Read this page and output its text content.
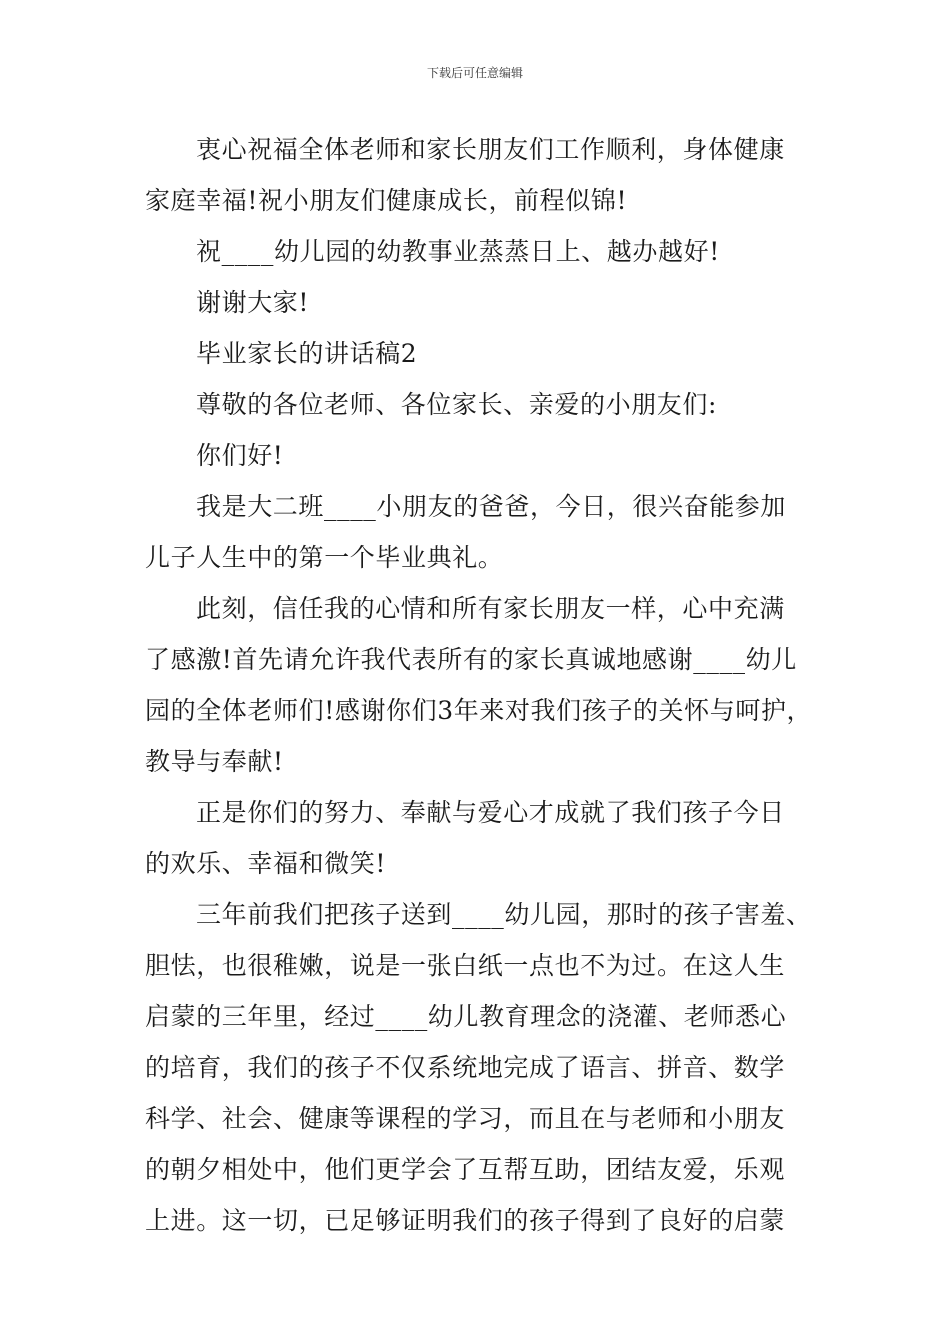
下载后可任意编辑

衷心祝福全体老师和家长朋友们工作顺利，身体健康
家庭幸福!祝小朋友们健康成长，前程似锦!

祝____幼儿园的幼教事业蒸蒸日上、越办越好!

谢谢大家!

毕业家长的讲话稿2

尊敬的各位老师、各位家长、亲爱的小朋友们:

你们好!

我是大二班____小朋友的爸爸，今日，很兴奋能参加
儿子人生中的第一个毕业典礼。

此刻，信任我的心情和所有家长朋友一样，心中充满
了感激!首先请允许我代表所有的家长真诚地感谢____幼儿
园的全体老师们!感谢你们3年来对我们孩子的关怀与呵护，
教导与奉献!

正是你们的努力、奉献与爱心才成就了我们孩子今日
的欢乐、幸福和微笑!

三年前我们把孩子送到____幼儿园，那时的孩子害羞、
胆怯，也很稚嫩，说是一张白纸一点也不为过。在这人生
启蒙的三年里，经过____幼儿教育理念的浇灌、老师悉心
的培育，我们的孩子不仅系统地完成了语言、拼音、数学
科学、社会、健康等课程的学习，而且在与老师和小朋友
的朝夕相处中，他们更学会了互帮互助，团结友爱，乐观
上进。这一切，已足够证明我们的孩子得到了良好的启蒙
